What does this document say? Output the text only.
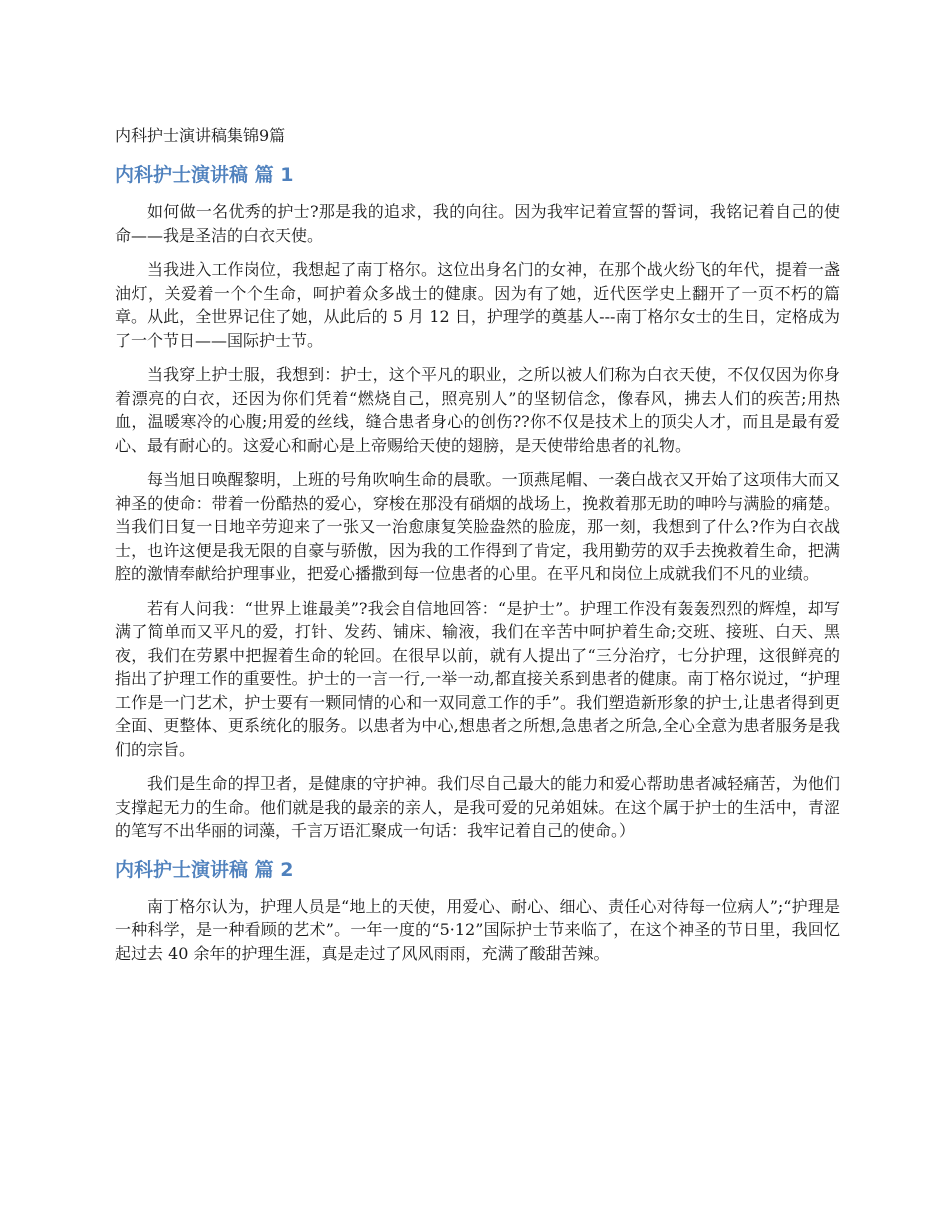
内科护士演讲稿集锦9篇
内科护士演讲稿 篇 1

如何做一名优秀的护士?那是我的追求，我的向往。因为我牢记着宣誓的誓词，我铭记着自己的使命——我是圣洁的白衣天使。

当我进入工作岗位，我想起了南丁格尔。这位出身名门的女神，在那个战火纷飞的年代，提着一盏油灯，关爱着一个个生命，呵护着众多战士的健康。因为有了她，近代医学史上翻开了一页不朽的篇章。从此，全世界记住了她，从此后的 5 月 12 日，护理学的奠基人---南丁格尔女士的生日，定格成为了一个节日——国际护士节。

当我穿上护士服，我想到：护士，这个平凡的职业，之所以被人们称为白衣天使，不仅仅因为你身着漂亮的白衣，还因为你们凭着“燃烧自己，照亮别人”的坚韧信念，像春风，拂去人们的疾苦;用热血，温暖寒冷的心腹;用爱的丝线，缝合患者身心的创伤??你不仅是技术上的顶尖人才，而且是最有爱心、最有耐心的。这爱心和耐心是上帝赐给天使的翅膀，是天使带给患者的礼物。

每当旭日唤醒黎明，上班的号角吹响生命的晨歌。一顶燕尾帽、一袭白战衣又开始了这项伟大而又神圣的使命：带着一份酷热的爱心，穿梭在那没有硝烟的战场上，挽救着那无助的呻吟与满脸的痛楚。当我们日复一日地辛劳迎来了一张又一治愈康复笑脸盎然的脸庞，那一刻，我想到了什么?作为白衣战士，也许这便是我无限的自豪与骄傲，因为我的工作得到了肯定，我用勤劳的双手去挽救着生命，把满腔的激情奉献给护理事业，把爱心播撒到每一位患者的心里。在平凡和岗位上成就我们不凡的业绩。

若有人问我：“世界上谁最美”?我会自信地回答：“是护士”。护理工作没有轰轰烈烈的辉煌，却写满了简单而又平凡的爱，打针、发药、铺床、输液，我们在辛苦中呵护着生命;交班、接班、白天、黑夜，我们在劳累中把握着生命的轮回。在很早以前，就有人提出了“三分治疗，七分护理，这很鲜亮的指出了护理工作的重要性。护士的一言一行,一举一动,都直接关系到患者的健康。南丁格尔说过，“护理工作是一门艺术，护士要有一颗同情的心和一双同意工作的手”。我们塑造新形象的护士,让患者得到更全面、更整体、更系统化的服务。以患者为中心,想患者之所想,急患者之所急,全心全意为患者服务是我们的宗旨。

我们是生命的捍卫者，是健康的守护神。我们尽自己最大的能力和爱心帮助患者减轻痛苦，为他们支撑起无力的生命。他们就是我的最亲的亲人，是我可爱的兄弟姐妹。在这个属于护士的生活中，青涩的笔写不出华丽的词藻，千言万语汇聚成一句话：我牢记着自己的使命。）

内科护士演讲稿 篇 2

南丁格尔认为，护理人员是“地上的天使，用爱心、耐心、细心、责任心对待每一位病人”;“护理是一种科学，是一种看顾的艺术”。一年一度的“5·12”国际护士节来临了，在这个神圣的节日里，我回忆起过去 40 余年的护理生涯，真是走过了风风雨雨，充满了酸甜苦辣。
